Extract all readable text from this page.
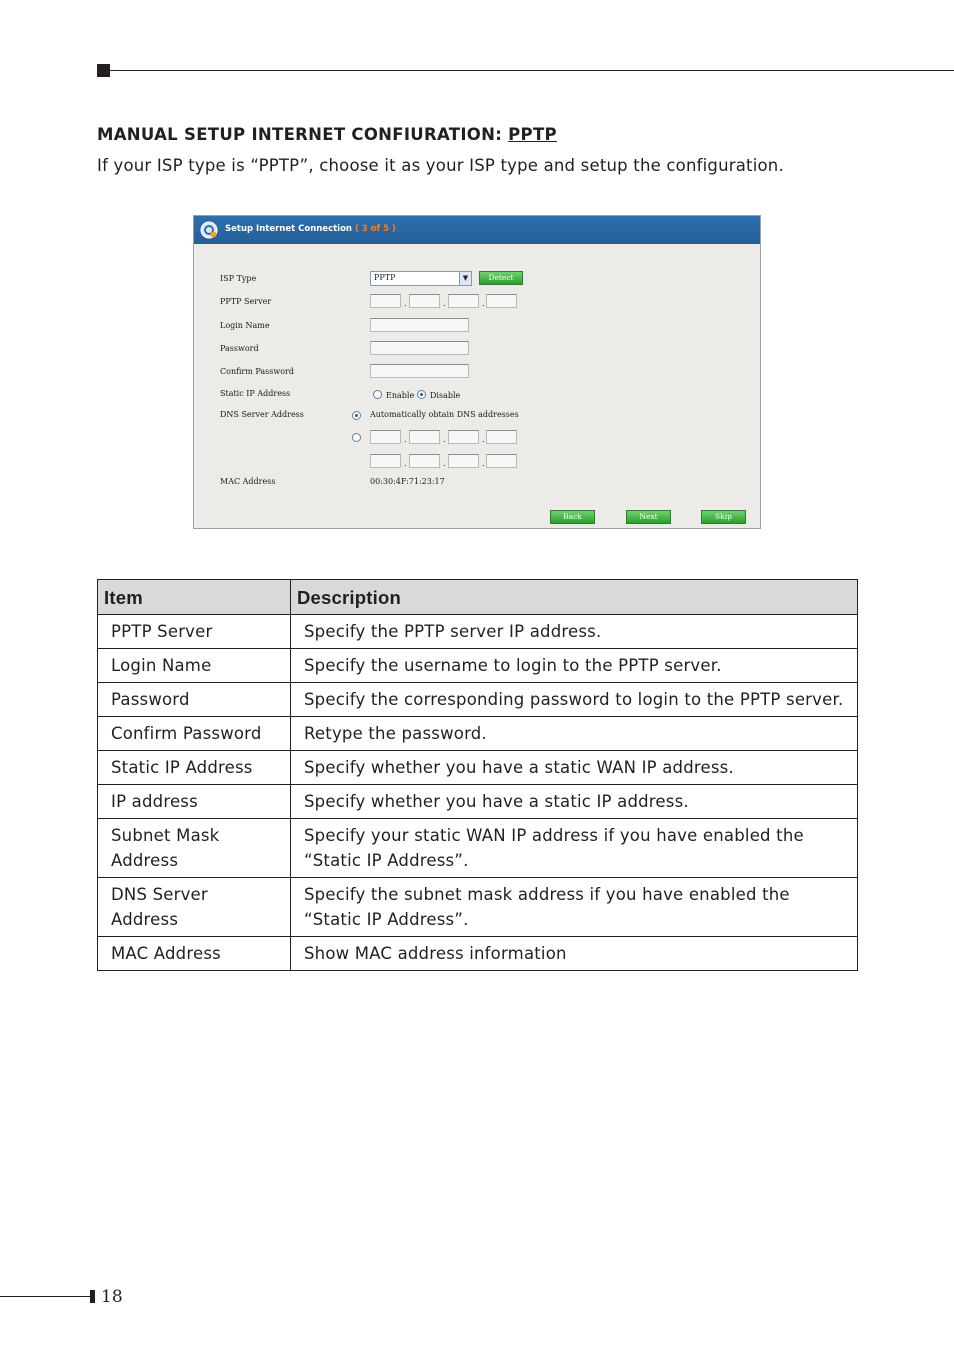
MANUAL SETUP INTERNET CONFIURATION: PPTP
If your ISP type is “PPTP”, choose it as your ISP type and setup the configuration.
Setup Internet Connection ( 3 of 5 )
ISP Type	PPTP	▼	Detect
PPTP Server	.	.	.
Login Name
Password
Confirm Password
Static IP Address	Enable Disable
DNS Server Address	Automatically obtain DNS addresses
.	.	.
.	.	.
MAC Address	00:30:4F:71:23:17
Back	Next	Skip
Item	Description
PPTP Server	Specify the PPTP server IP address.
Login Name	Specify the username to login to the PPTP server.
Password	Specify the corresponding password to login to the PPTP server.
Confirm Password	Retype the password.
Static IP Address	Specify whether you have a static WAN IP address.
IP address	Specify whether you have a static IP address.
Subnet Mask Address	Specify your static WAN IP address if you have enabled the “Static IP Address”.
DNS Server Address	Specify the subnet mask address if you have enabled the “Static IP Address”.
MAC Address	Show MAC address information
18
